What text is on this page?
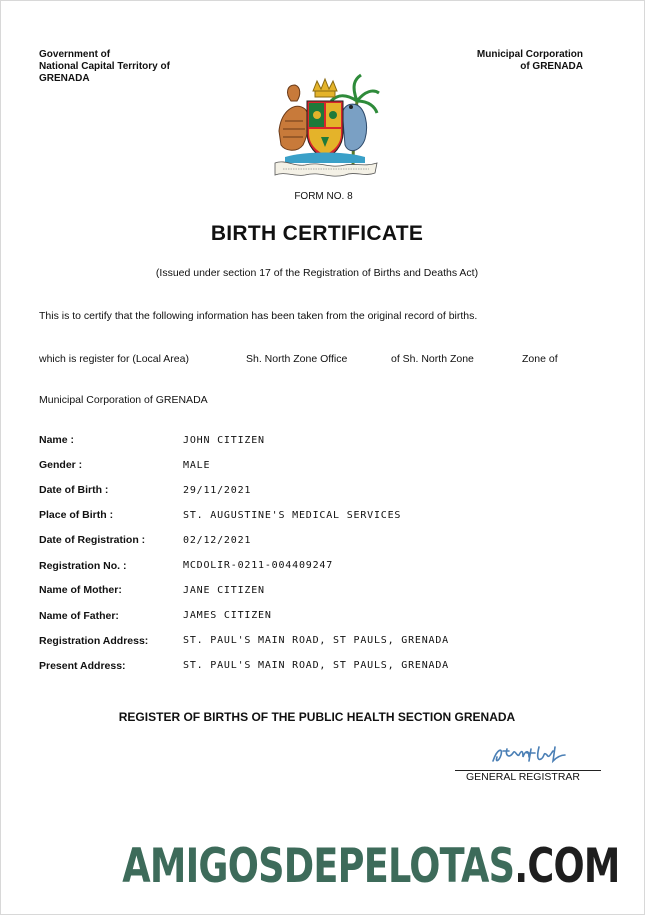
Government of
National Capital Territory of
GRENADA
Municipal Corporation
of GRENADA
FORM NO. 8
BIRTH CERTIFICATE
(Issued under section 17 of the Registration of Births and Deaths Act)
This is to certify that the following information has been taken from the original record of births.
which is register for (Local Area)	Sh. North Zone Office	of Sh. North Zone	Zone of
Municipal Corporation of GRENADA
Name :	JOHN CITIZEN
Gender :	MALE
Date of Birth :	29/11/2021
Place of Birth :	ST. AUGUSTINE'S MEDICAL SERVICES
Date of Registration :	02/12/2021
Registration No. :	MCDOLIR-0211-004409247
Name of Mother:	JANE CITIZEN
Name of Father:	JAMES CITIZEN
Registration Address:	ST. PAUL'S MAIN ROAD, ST PAULS, GRENADA
Present Address:	ST. PAUL'S MAIN ROAD, ST PAULS, GRENADA
REGISTER OF BIRTHS OF THE PUBLIC HEALTH SECTION GRENADA
GENERAL REGISTRAR
AMIGOSDEPELOTAS.COM
